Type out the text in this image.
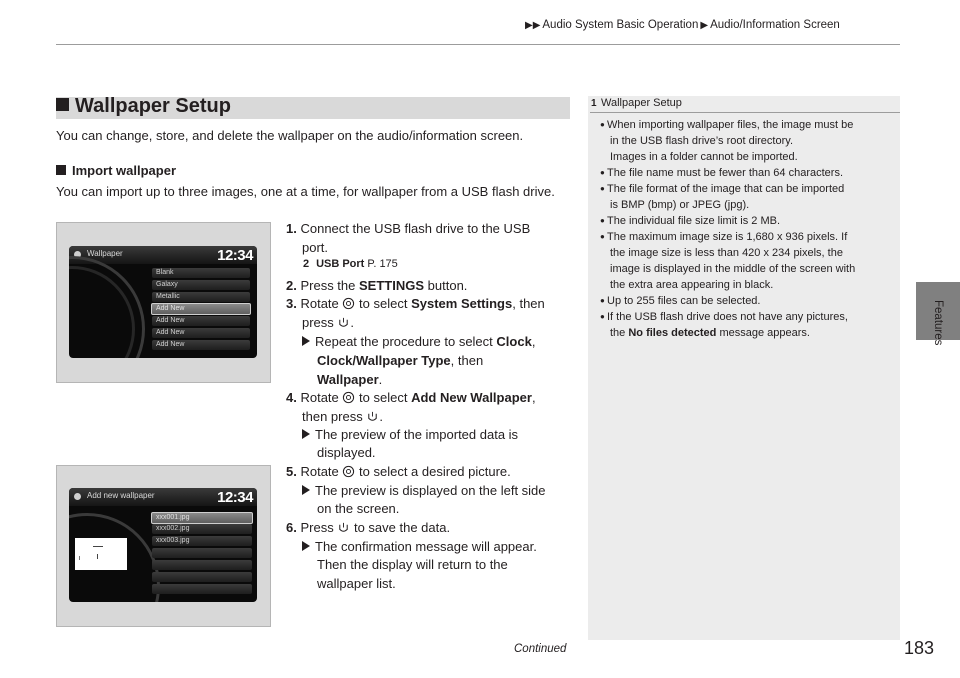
▶▶ Audio System Basic Operation ▶ Audio/Information Screen
Features
Wallpaper Setup
You can change, store, and delete the wallpaper on the audio/information screen.
Import wallpaper
You can import up to three images, one at a time, for wallpaper from a USB flash drive.
Wallpaper	12:34
Blank
Galaxy
Metallic
Add New
Add New
Add New
Add New
Add new wallpaper	12:34
xxx001.jpg
xxx002.jpg
xxx003.jpg
1. Connect the USB flash drive to the USB
port.
2 USB Port P. 175
2. Press the SETTINGS button.
3. Rotate to select System Settings, then
press .
Repeat the procedure to select Clock,
Clock/Wallpaper Type, then
Wallpaper.
4. Rotate to select Add New Wallpaper,
then press .
The preview of the imported data is
displayed.
5. Rotate to select a desired picture.
The preview is displayed on the left side
on the screen.
6. Press to save the data.
The confirmation message will appear.
Then the display will return to the
wallpaper list.
1 Wallpaper Setup
● When importing wallpaper files, the image must be
in the USB flash drive’s root directory.
Images in a folder cannot be imported.
● The file name must be fewer than 64 characters.
● The file format of the image that can be imported
is BMP (bmp) or JPEG (jpg).
● The individual file size limit is 2 MB.
● The maximum image size is 1,680 x 936 pixels. If
the image size is less than 420 x 234 pixels, the
image is displayed in the middle of the screen with
the extra area appearing in black.
● Up to 255 files can be selected.
● If the USB flash drive does not have any pictures,
the No files detected message appears.
Continued	183
